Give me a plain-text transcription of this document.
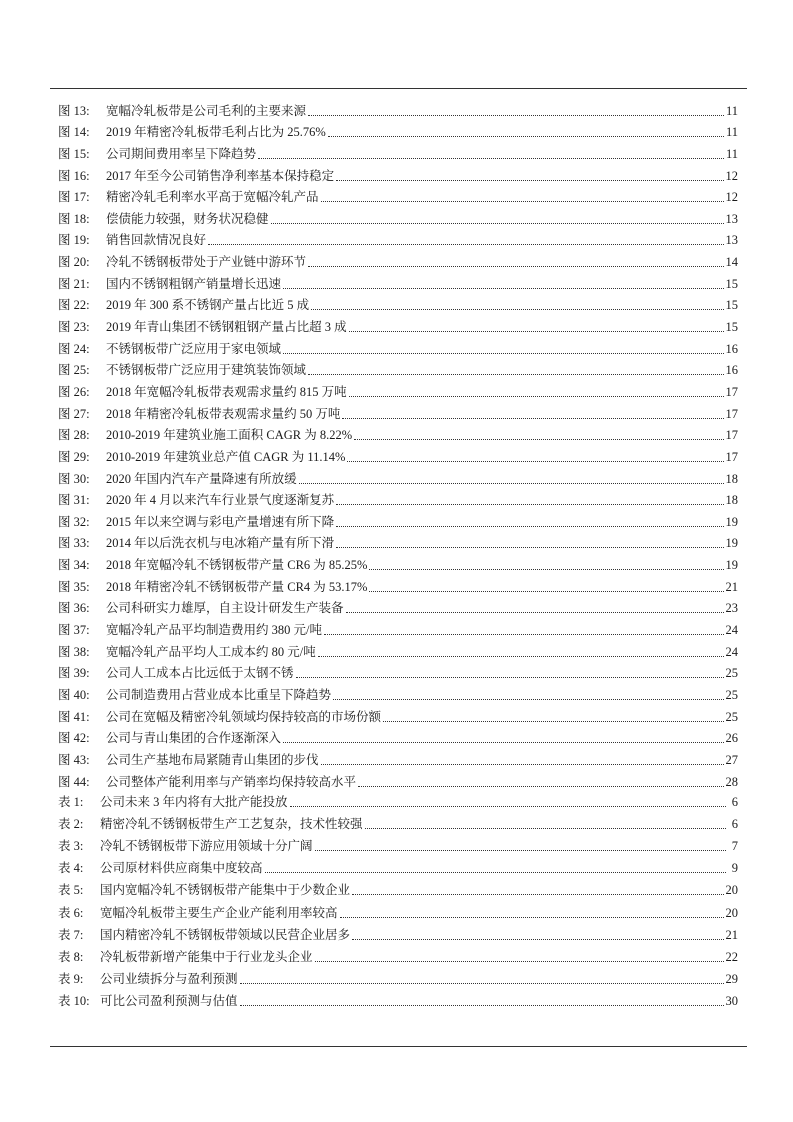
图 13:	宽幅冷轧板带是公司毛利的主要来源	11
图 14:	2019 年精密冷轧板带毛利占比为 25.76%	11
图 15:	公司期间费用率呈下降趋势	11
图 16:	2017 年至今公司销售净利率基本保持稳定	12
图 17:	精密冷轧毛利率水平高于宽幅冷轧产品	12
图 18:	偿债能力较强，财务状况稳健	13
图 19:	销售回款情况良好	13
图 20:	冷轧不锈钢板带处于产业链中游环节	14
图 21:	国内不锈钢粗钢产销量增长迅速	15
图 22:	2019 年 300 系不锈钢产量占比近 5 成	15
图 23:	2019 年青山集团不锈钢粗钢产量占比超 3 成	15
图 24:	不锈钢板带广泛应用于家电领域	16
图 25:	不锈钢板带广泛应用于建筑装饰领域	16
图 26:	2018 年宽幅冷轧板带表观需求量约 815 万吨	17
图 27:	2018 年精密冷轧板带表观需求量约 50 万吨	17
图 28:	2010-2019 年建筑业施工面积 CAGR 为 8.22%	17
图 29:	2010-2019 年建筑业总产值 CAGR 为 11.14%	17
图 30:	2020 年国内汽车产量降速有所放缓	18
图 31:	2020 年 4 月以来汽车行业景气度逐渐复苏	18
图 32:	2015 年以来空调与彩电产量增速有所下降	19
图 33:	2014 年以后洗衣机与电冰箱产量有所下滑	19
图 34:	2018 年宽幅冷轧不锈钢板带产量 CR6 为 85.25%	19
图 35:	2018 年精密冷轧不锈钢板带产量 CR4 为 53.17%	21
图 36:	公司科研实力雄厚，自主设计研发生产装备	23
图 37:	宽幅冷轧产品平均制造费用约 380 元/吨	24
图 38:	宽幅冷轧产品平均人工成本约 80 元/吨	24
图 39:	公司人工成本占比远低于太钢不锈	25
图 40:	公司制造费用占营业成本比重呈下降趋势	25
图 41:	公司在宽幅及精密冷轧领域均保持较高的市场份额	25
图 42:	公司与青山集团的合作逐渐深入	26
图 43:	公司生产基地布局紧随青山集团的步伐	27
图 44:	公司整体产能利用率与产销率均保持较高水平	28
表 1:	公司未来 3 年内将有大批产能投放	6
表 2:	精密冷轧不锈钢板带生产工艺复杂，技术性较强	6
表 3:	冷轧不锈钢板带下游应用领域十分广阔	7
表 4:	公司原材料供应商集中度较高	9
表 5:	国内宽幅冷轧不锈钢板带产能集中于少数企业	20
表 6:	宽幅冷轧板带主要生产企业产能利用率较高	20
表 7:	国内精密冷轧不锈钢板带领域以民营企业居多	21
表 8:	冷轧板带新增产能集中于行业龙头企业	22
表 9:	公司业绩拆分与盈利预测	29
表 10: 可比公司盈利预测与估值	30
